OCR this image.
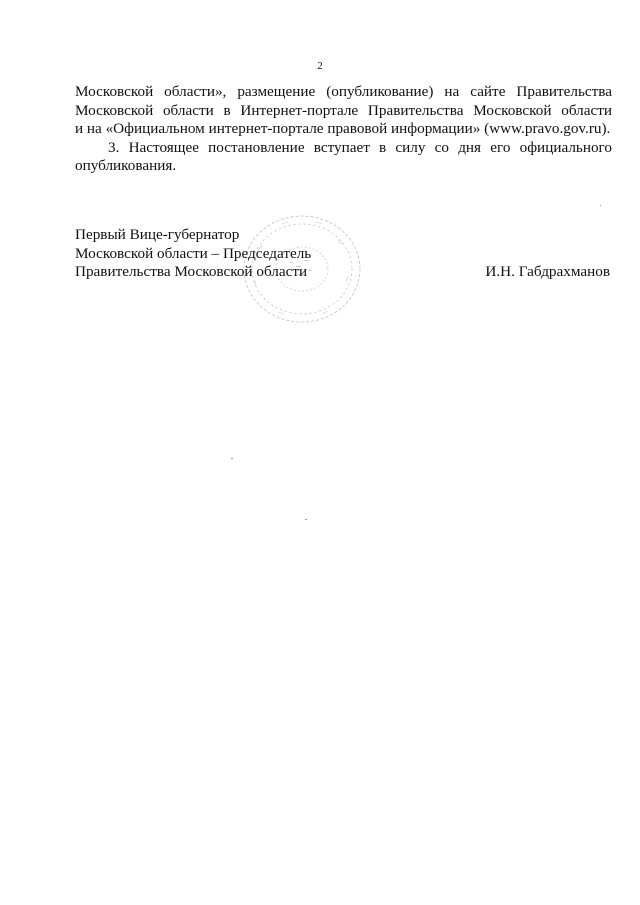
2

Московской области», размещение (опубликование) на сайте Правительства
Московской области в Интернет-портале Правительства Московской области
и на «Официальном интернет-портале правовой информации» (www.pravo.gov.ru).

3. Настоящее постановление вступает в силу со дня его официального
опубликования.

Первый Вице-губернатор
Московской области – Председатель
Правительства Московской области	И.Н. Габдрахманов
